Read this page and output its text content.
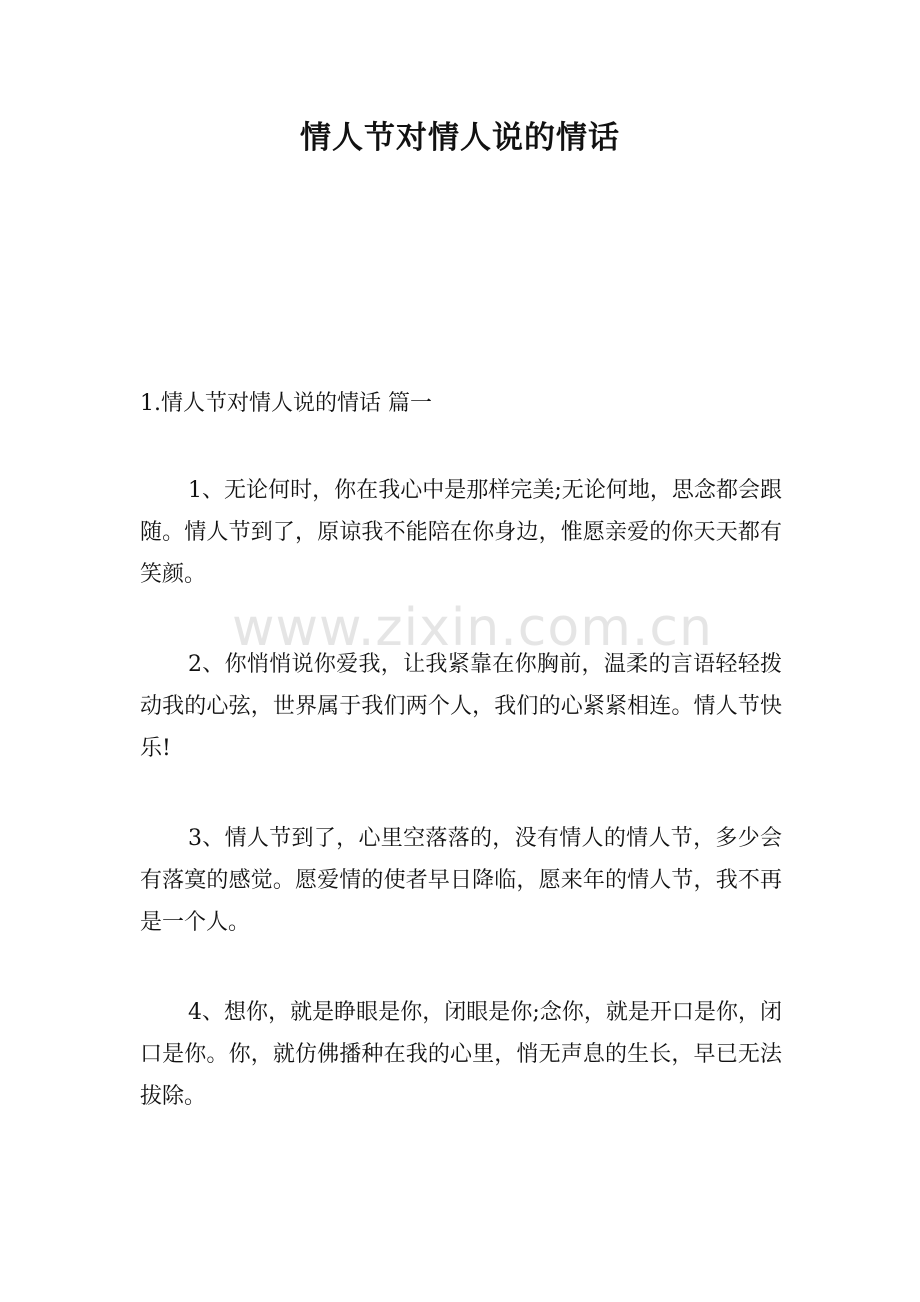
情人节对情人说的情话

1.情人节对情人说的情话 篇一

1、无论何时，你在我心中是那样完美;无论何地，思念都会跟随。情人节到了，原谅我不能陪在你身边，惟愿亲爱的你天天都有笑颜。

2、你悄悄说你爱我，让我紧靠在你胸前，温柔的言语轻轻拨动我的心弦，世界属于我们两个人，我们的心紧紧相连。情人节快乐!

3、情人节到了，心里空落落的，没有情人的情人节，多少会有落寞的感觉。愿爱情的使者早日降临，愿来年的情人节，我不再是一个人。

4、想你，就是睁眼是你，闭眼是你;念你，就是开口是你，闭口是你。你，就仿佛播种在我的心里，悄无声息的生长，早已无法拔除。

www.zixin.com.cn
